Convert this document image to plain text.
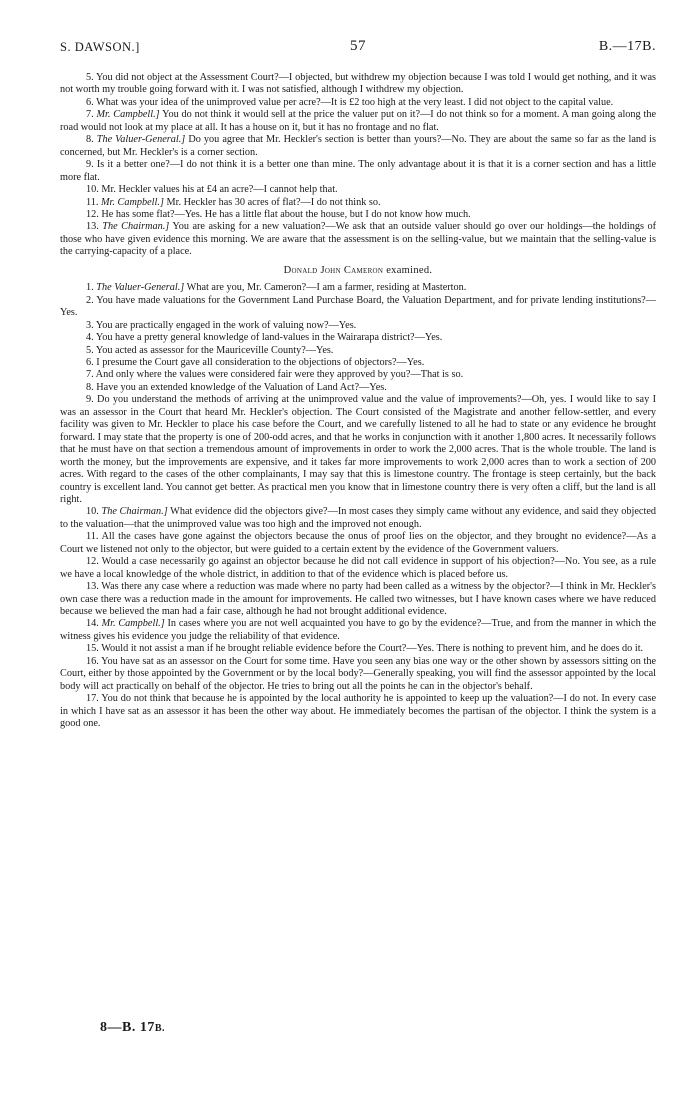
S. DAWSON.]	57	B.—17B.

5. You did not object at the Assessment Court?—I objected, but withdrew my objection because I was told I would get nothing, and it was not worth my trouble going forward with it. I was not satisfied, although I withdrew my objection.

6. What was your idea of the unimproved value per acre?—It is £2 too high at the very least. I did not object to the capital value.

7. Mr. Campbell.] You do not think it would sell at the price the valuer put on it?—I do not think so for a moment. A man going along the road would not look at my place at all. It has a house on it, but it has no frontage and no flat.

8. The Valuer-General.] Do you agree that Mr. Heckler's section is better than yours?—No. They are about the same so far as the land is concerned, but Mr. Heckler's is a corner section.

9. Is it a better one?—I do not think it is a better one than mine. The only advantage about it is that it is a corner section and has a little more flat.

10. Mr. Heckler values his at £4 an acre?—I cannot help that.

11. Mr. Campbell.] Mr. Heckler has 30 acres of flat?—I do not think so.

12. He has some flat?—Yes. He has a little flat about the house, but I do not know how much.

13. The Chairman.] You are asking for a new valuation?—We ask that an outside valuer should go over our holdings—the holdings of those who have given evidence this morning. We are aware that the assessment is on the selling-value, but we maintain that the selling-value is the carrying-capacity of a place.

Donald John Cameron examined.

1. The Valuer-General.] What are you, Mr. Cameron?—I am a farmer, residing at Masterton.

2. You have made valuations for the Government Land Purchase Board, the Valuation Department, and for private lending institutions?—Yes.

3. You are practically engaged in the work of valuing now?—Yes.

4. You have a pretty general knowledge of land-values in the Wairarapa district?—Yes.

5. You acted as assessor for the Mauriceville County?—Yes.

6. I presume the Court gave all consideration to the objections of objectors?—Yes.

7. And only where the values were considered fair were they approved by you?—That is so.

8. Have you an extended knowledge of the Valuation of Land Act?—Yes.

9. Do you understand the methods of arriving at the unimproved value and the value of improvements?—Oh, yes. I would like to say I was an assessor in the Court that heard Mr. Heckler's objection. The Court consisted of the Magistrate and another fellow-settler, and every facility was given to Mr. Heckler to place his case before the Court, and we carefully listened to all he had to state or any evidence he brought forward. I may state that the property is one of 200-odd acres, and that he works in conjunction with it another 1,800 acres. It necessarily follows that he must have on that section a tremendous amount of improvements in order to work the 2,000 acres. That is the whole trouble. The land is worth the money, but the improvements are expensive, and it takes far more improvements to work 2,000 acres than to work a section of 200 acres. With regard to the cases of the other complainants, I may say that this is limestone country. The frontage is steep certainly, but the back country is excellent land. You cannot get better. As practical men you know that in limestone country there is very often a cliff, but the land is all right.

10. The Chairman.] What evidence did the objectors give?—In most cases they simply came without any evidence, and said they objected to the valuation—that the unimproved value was too high and the improved not enough.

11. All the cases have gone against the objectors because the onus of proof lies on the objector, and they brought no evidence?—As a Court we listened not only to the objector, but were guided to a certain extent by the evidence of the Government valuers.

12. Would a case necessarily go against an objector because he did not call evidence in support of his objection?—No. You see, as a rule we have a local knowledge of the whole district, in addition to that of the evidence which is placed before us.

13. Was there any case where a reduction was made where no party had been called as a witness by the objector?—I think in Mr. Heckler's own case there was a reduction made in the amount for improvements. He called two witnesses, but I have known cases where we have reduced because we believed the man had a fair case, although he had not brought additional evidence.

14. Mr. Campbell.] In cases where you are not well acquainted you have to go by the evidence?—True, and from the manner in which the witness gives his evidence you judge the reliability of that evidence.

15. Would it not assist a man if he brought reliable evidence before the Court?—Yes. There is nothing to prevent him, and he does do it.

16. You have sat as an assessor on the Court for some time. Have you seen any bias one way or the other shown by assessors sitting on the Court, either by those appointed by the Government or by the local body?—Generally speaking, you will find the assessor appointed by the local body will act practically on behalf of the objector. He tries to bring out all the points he can in the objector's behalf.

17. You do not think that because he is appointed by the local authority he is appointed to keep up the valuation?—I do not. In every case in which I have sat as an assessor it has been the other way about. He immediately becomes the partisan of the objector. I think the system is a good one.

8—B. 17B.
